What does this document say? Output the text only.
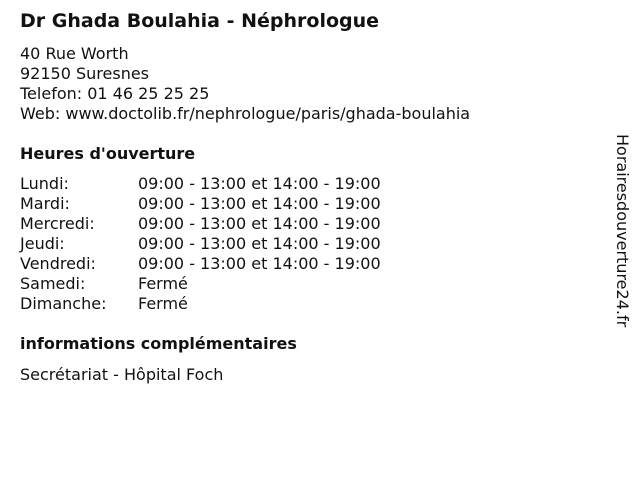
Dr Ghada Boulahia - Néphrologue
40 Rue Worth
92150 Suresnes
Telefon: 01 46 25 25 25
Web: www.doctolib.fr/nephrologue/paris/ghada-boulahia
Heures d'ouverture
Lundi:	09:00 - 13:00 et 14:00 - 19:00
Mardi:	09:00 - 13:00 et 14:00 - 19:00
Mercredi:	09:00 - 13:00 et 14:00 - 19:00
Jeudi:	09:00 - 13:00 et 14:00 - 19:00
Vendredi:	09:00 - 13:00 et 14:00 - 19:00
Samedi:	Fermé
Dimanche:	Fermé
informations complémentaires
Secrétariat - Hôpital Foch
Horairesdouverture24.fr
